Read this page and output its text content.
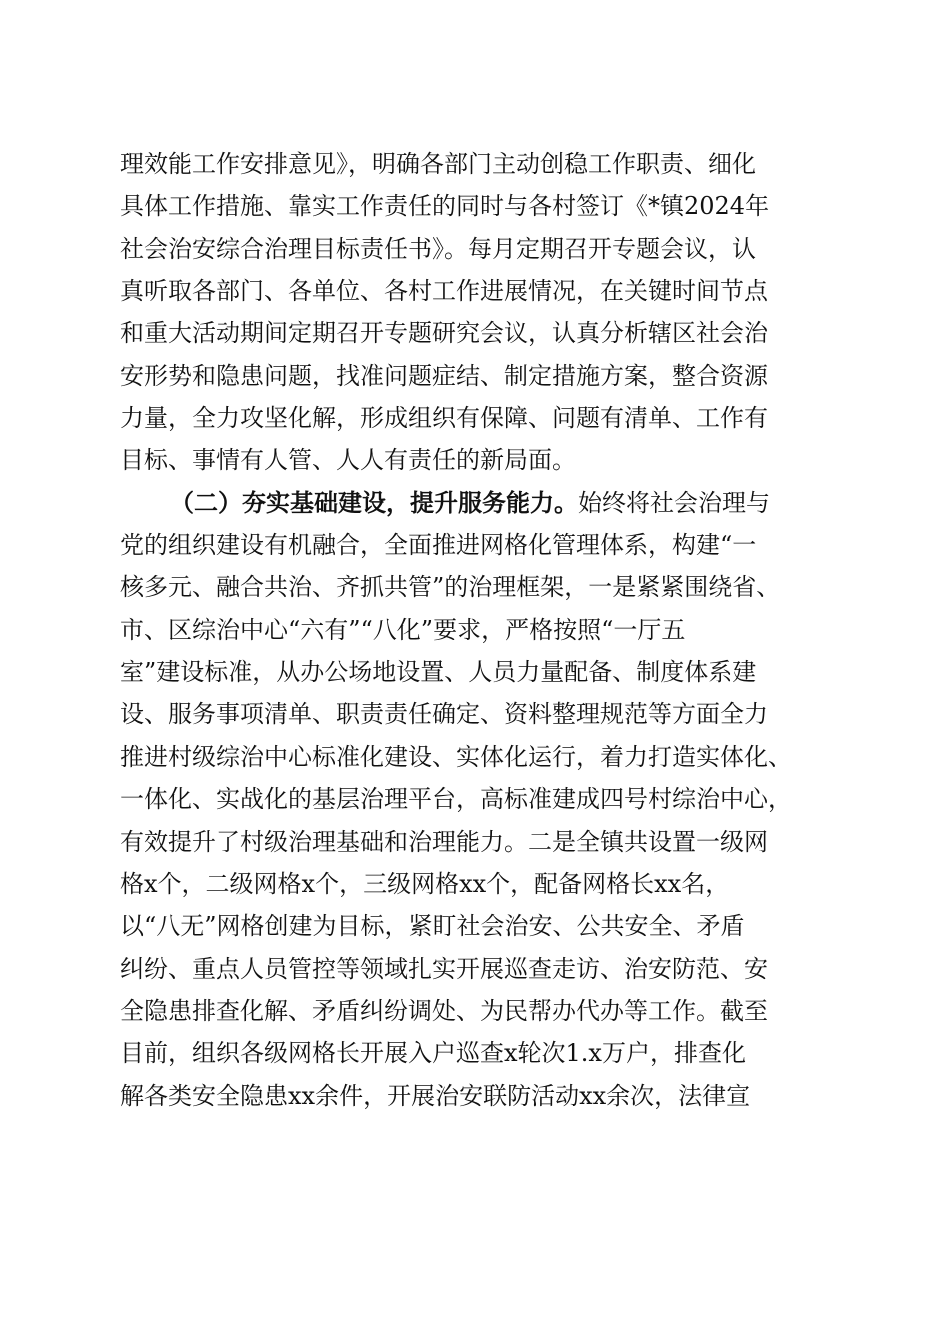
理效能工作安排意见》，明确各部门主动创稳工作职责、细化
具体工作措施、靠实工作责任的同时与各村签订《*镇2024年
社会治安综合治理目标责任书》。每月定期召开专题会议，认
真听取各部门、各单位、各村工作进展情况，在关键时间节点
和重大活动期间定期召开专题研究会议，认真分析辖区社会治
安形势和隐患问题，找准问题症结、制定措施方案，整合资源
力量，全力攻坚化解，形成组织有保障、问题有清单、工作有
目标、事情有人管、人人有责任的新局面。
（二）夯实基础建设，提升服务能力。始终将社会治理与
党的组织建设有机融合，全面推进网格化管理体系，构建“一
核多元、融合共治、齐抓共管”的治理框架，一是紧紧围绕省、
市、区综治中心“六有”“八化”要求，严格按照“一厅五
室”建设标准，从办公场地设置、人员力量配备、制度体系建
设、服务事项清单、职责责任确定、资料整理规范等方面全力
推进村级综治中心标准化建设、实体化运行，着力打造实体化、
一体化、实战化的基层治理平台，高标准建成四号村综治中心，
有效提升了村级治理基础和治理能力。二是全镇共设置一级网
格x个，二级网格x个，三级网格xx个，配备网格长xx名，
以“八无”网格创建为目标，紧盯社会治安、公共安全、矛盾
纠纷、重点人员管控等领域扎实开展巡查走访、治安防范、安
全隐患排查化解、矛盾纠纷调处、为民帮办代办等工作。截至
目前，组织各级网格长开展入户巡查x轮次1.x万户，排查化
解各类安全隐患xx余件，开展治安联防活动xx余次，法律宣
